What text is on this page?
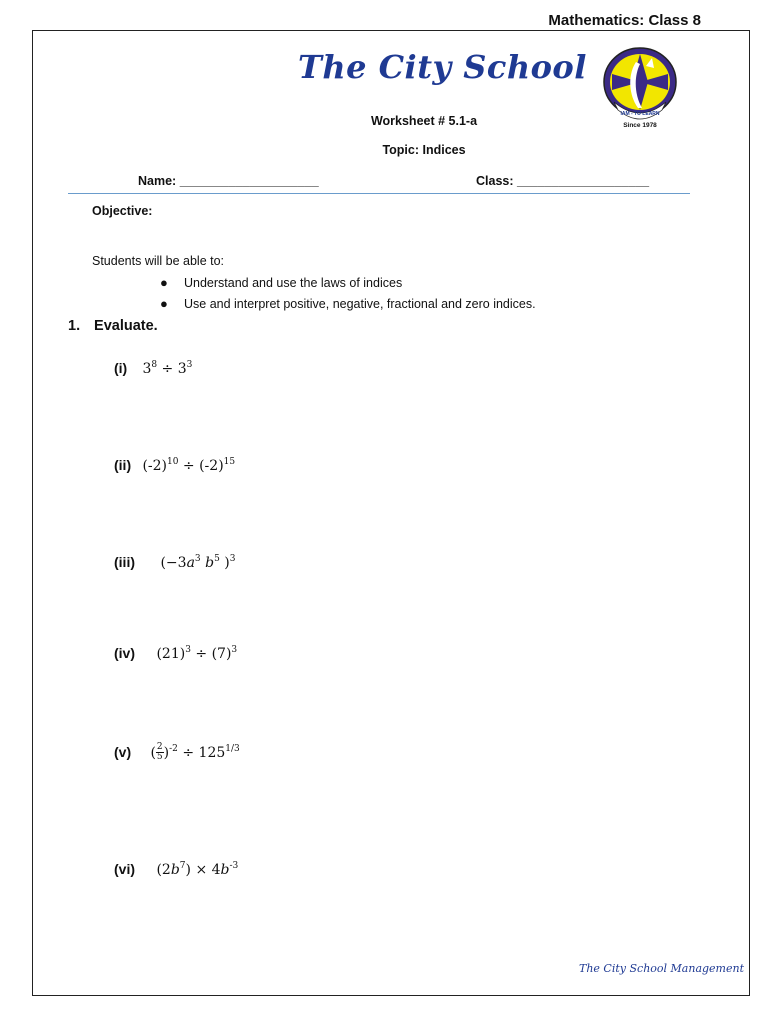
Mathematics: Class 8
The City School
IAM - TO LEARN
Since 1978
Worksheet # 5.1-a
Topic: Indices
Name: ____________________	Class: ___________________
Objective:
Students will be able to:
● Understand and use the laws of indices
● Use and interpret positive, negative, fractional and zero indices.
1. Evaluate.
(i) $3^8 \div 3^3$
(ii) $(-2)^{10} \div (-2)^{15}$
(iii) ($-3a^3$ $b^5$ )$^3$
(iv) $(21)^3 \div (7)^3$
(v) ( $\frac{2}{5} )^{-2} \div 125^{1/3}$
(vi) $(2b^7) \times 4b^{-3}$
The City School Management
